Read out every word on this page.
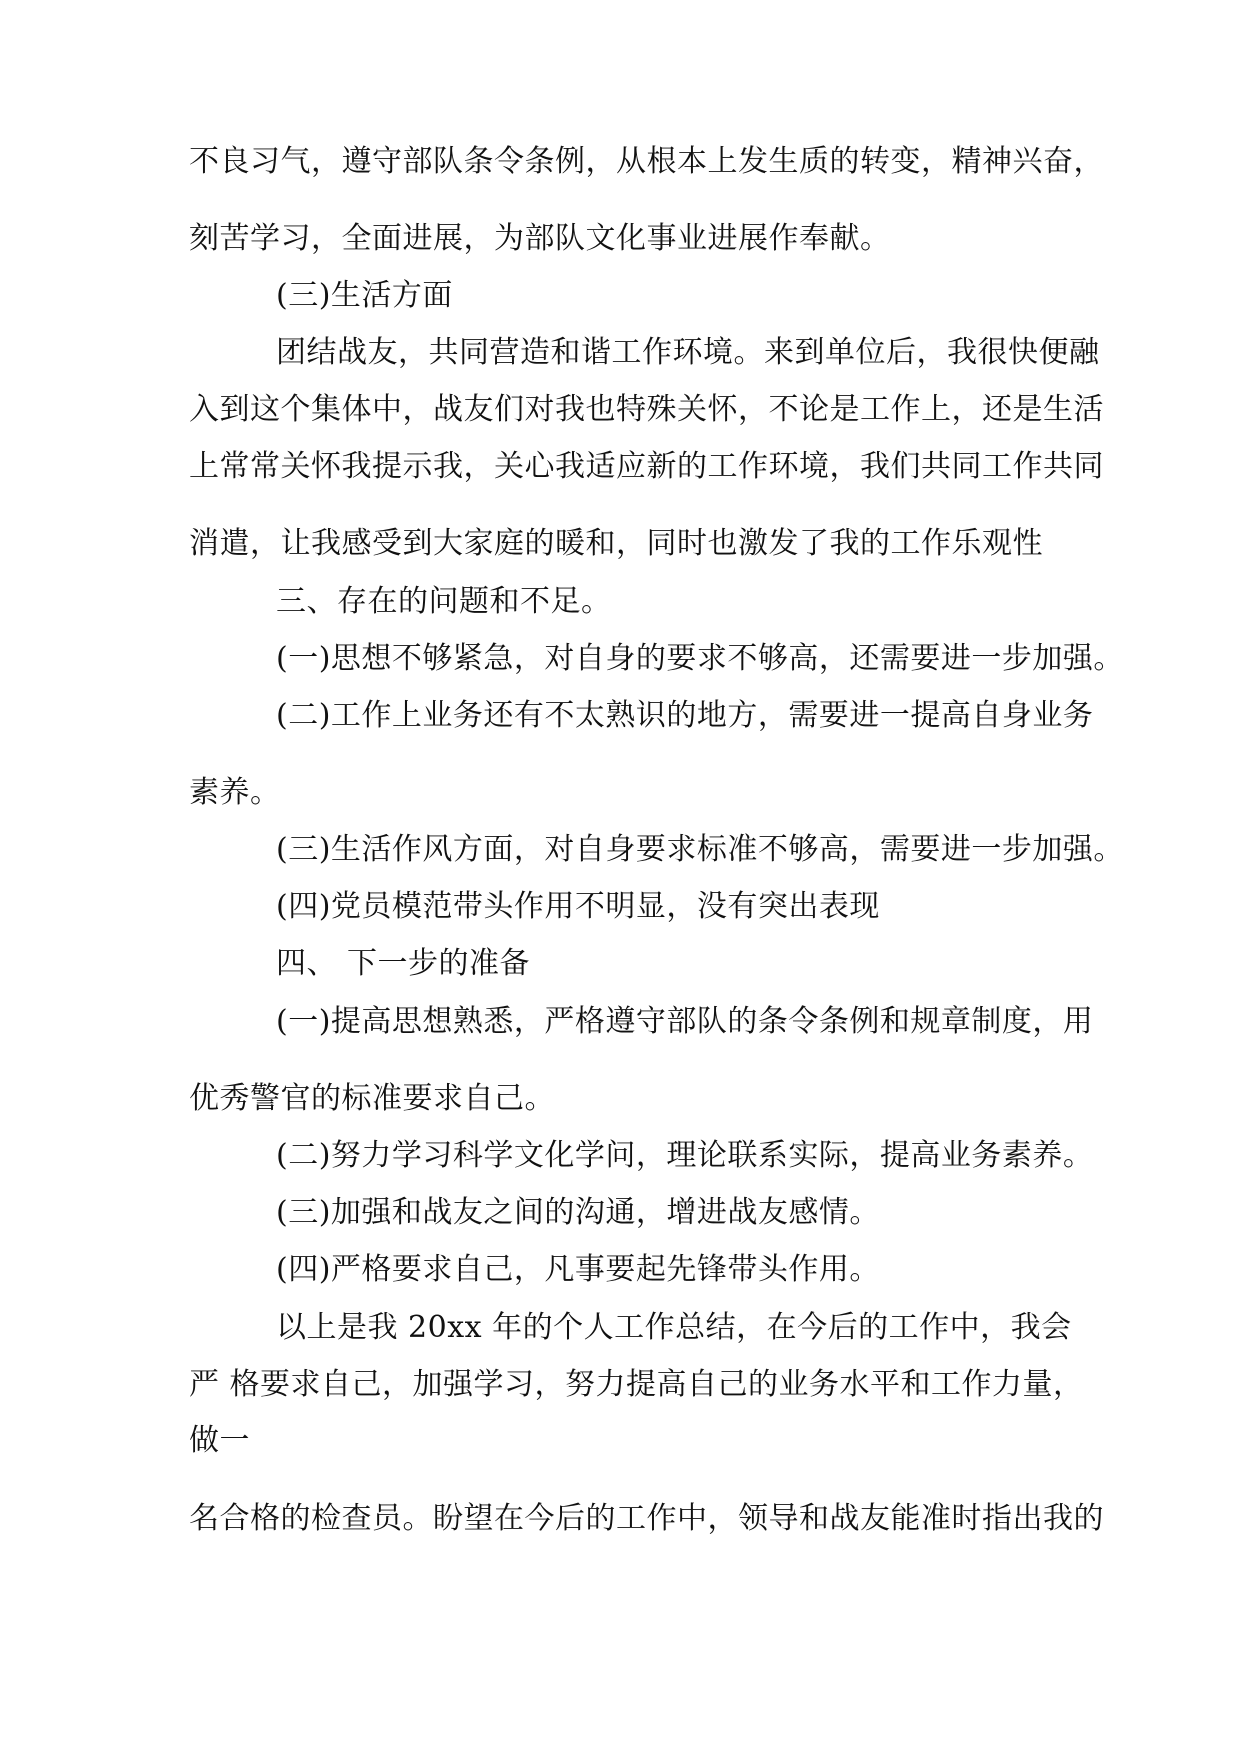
不良习气，遵守部队条令条例，从根本上发生质的转变，精神兴奋，
刻苦学习，全面进展，为部队文化事业进展作奉献。
(三)生活方面
团结战友，共同营造和谐工作环境。来到单位后，我很快便融
入到这个集体中，战友们对我也特殊关怀，不论是工作上，还是生活
上常常关怀我提示我，关心我适应新的工作环境，我们共同工作共同
消遣，让我感受到大家庭的暖和，同时也激发了我的工作乐观性
三、存在的问题和不足。
(一)思想不够紧急，对自身的要求不够高，还需要进一步加强。
(二)工作上业务还有不太熟识的地方，需要进一提高自身业务
素养。
(三)生活作风方面，对自身要求标准不够高，需要进一步加强。
(四)党员模范带头作用不明显，没有突出表现
四、 下一步的准备
(一)提高思想熟悉，严格遵守部队的条令条例和规章制度，用
优秀警官的标准要求自己。
(二)努力学习科学文化学问，理论联系实际，提高业务素养。
(三)加强和战友之间的沟通，增进战友感情。
(四)严格要求自己，凡事要起先锋带头作用。
以上是我 20xx 年的个人工作总结，在今后的工作中，我会
严 格要求自己，加强学习，努力提高自己的业务水平和工作力量，
做一
名合格的检查员。盼望在今后的工作中，领导和战友能准时指出我的
